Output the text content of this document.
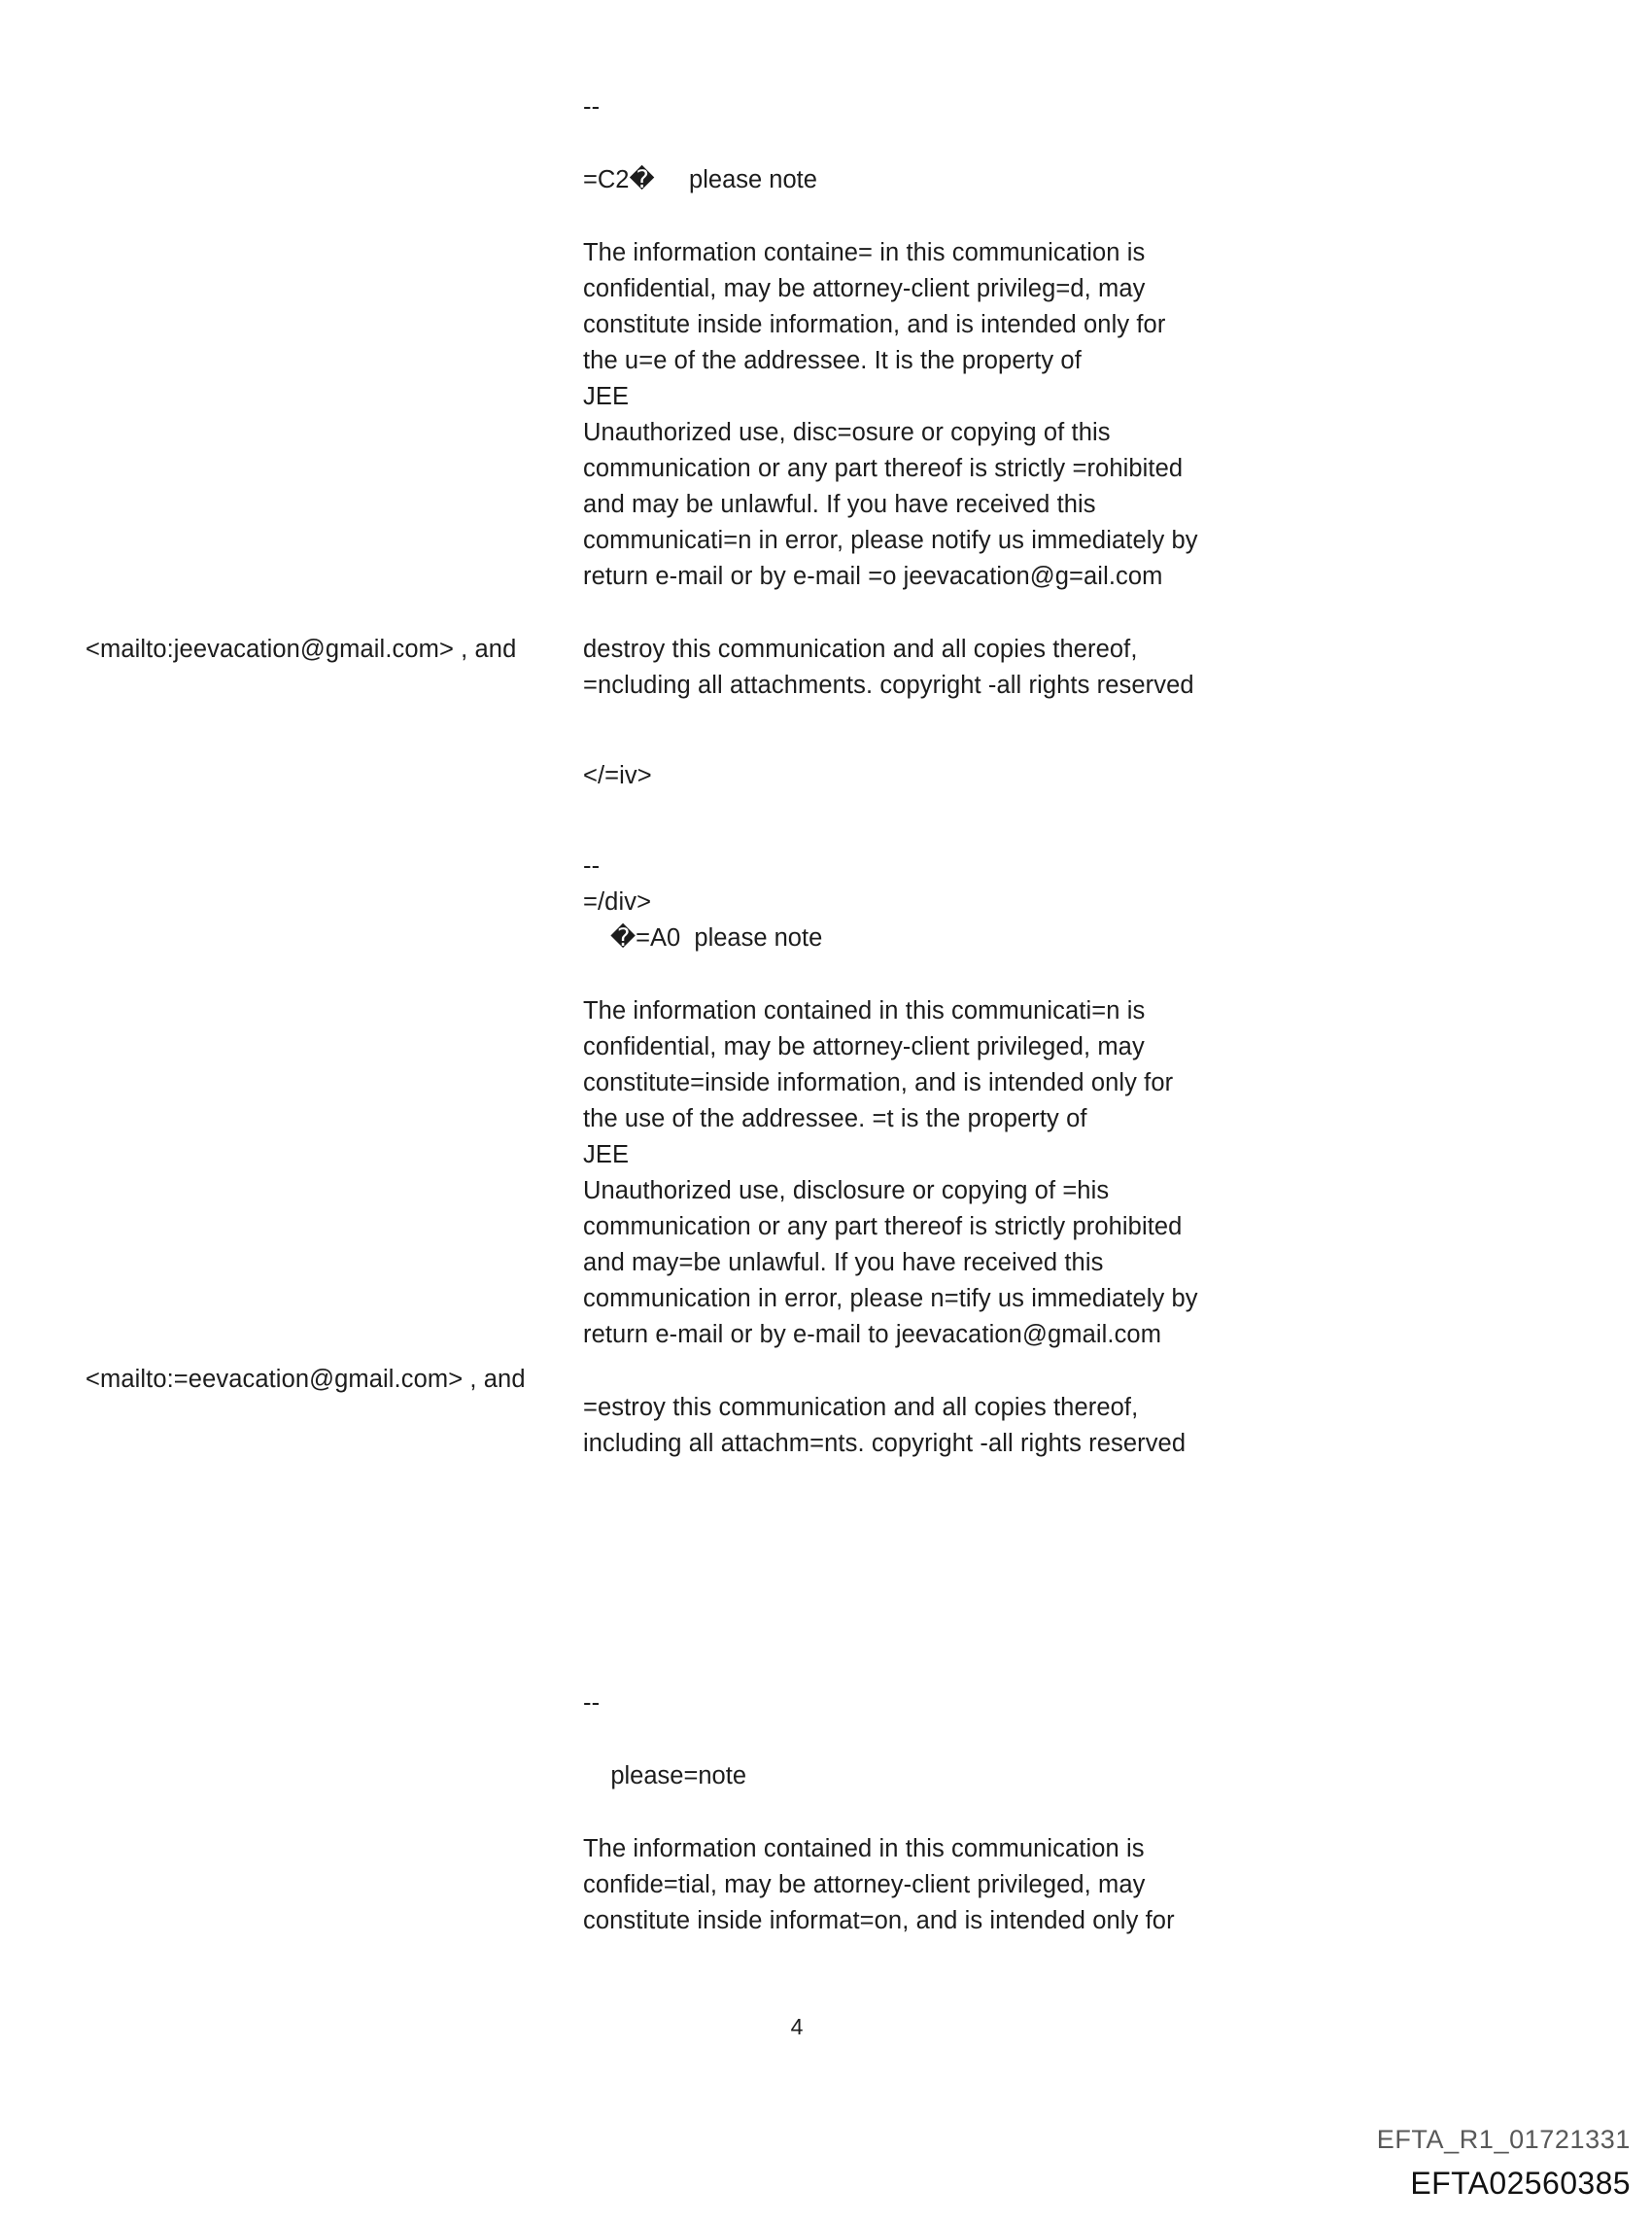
--
=C2�     please note
The information containe= in this communication is
confidential, may be attorney-client privileg=d, may
constitute inside information, and is intended only for
the u=e of the addressee. It is the property of
JEE
Unauthorized use, disc=osure or copying of this
communication or any part thereof is strictly =rohibited
and may be unlawful. If you have received this
communicati=n in error, please notify us immediately by
return e-mail or by e-mail =o jeevacation@g=ail.com
destroy this communication and all copies thereof,
=ncluding all attachments. copyright -all rights reserved
</=iv>
--
=/div>
�=A0  please note
The information contained in this communicati=n is
confidential, may be attorney-client privileged, may
constitute=inside information, and is intended only for
the use of the addressee. =t is the property of
JEE
Unauthorized use, disclosure or copying of =his
communication or any part thereof is strictly prohibited
and may=be unlawful. If you have received this
communication in error, please n=tify us immediately by
return e-mail or by e-mail to jeevacation@gmail.com
=estroy this communication and all copies thereof,
including all attachm=nts. copyright -all rights reserved
--
please=note
The information contained in this communication is
confide=tial, may be attorney-client privileged, may
constitute inside informat=on, and is intended only for
<mailto:jeevacation@gmail.com> , and
<mailto:=eevacation@gmail.com> , and
4
EFTA_R1_01721331
EFTA02560385
